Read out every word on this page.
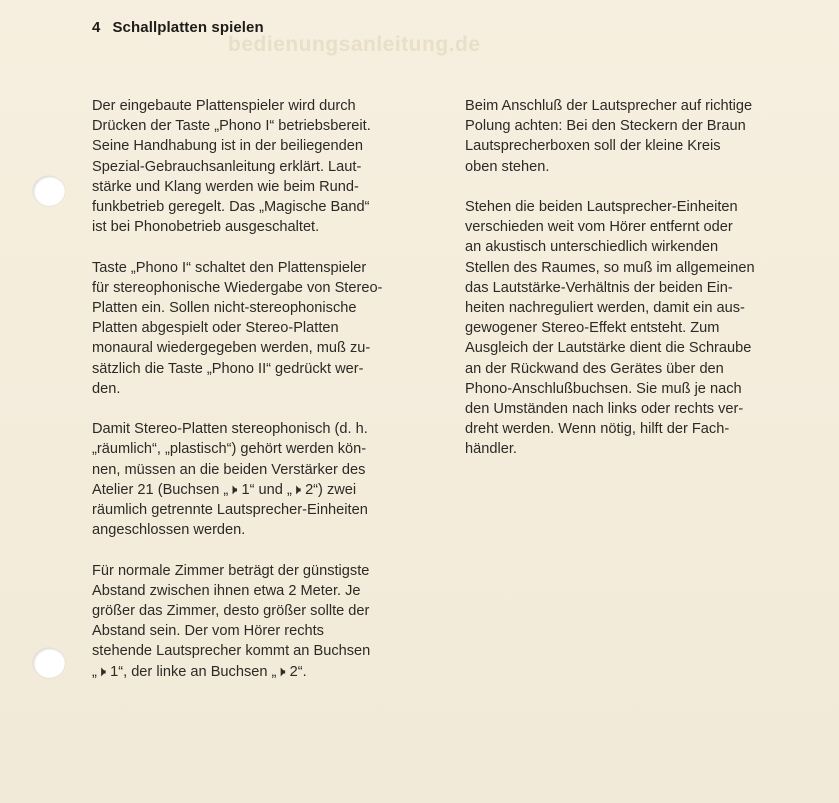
bedienungsanleitung.de
4 Schallplatten spielen

Der eingebaute Plattenspieler wird durch
Drücken der Taste „Phono I“ betriebsbereit.
Seine Handhabung ist in der beiliegenden
Spezial-Gebrauchsanleitung erklärt. Laut-
stärke und Klang werden wie beim Rund-
funkbetrieb geregelt. Das „Magische Band“
ist bei Phonobetrieb ausgeschaltet.

Taste „Phono I“ schaltet den Plattenspieler
für stereophonische Wiedergabe von Stereo-
Platten ein. Sollen nicht-stereophonische
Platten abgespielt oder Stereo-Platten
monaural wiedergegeben werden, muß zu-
sätzlich die Taste „Phono II“ gedrückt wer-
den.

Damit Stereo-Platten stereophonisch (d. h.
„räumlich“, „plastisch“) gehört werden kön-
nen, müssen an die beiden Verstärker des
Atelier 21 (Buchsen „🕨 1“ und „🕨 2“) zwei
räumlich getrennte Lautsprecher-Einheiten
angeschlossen werden.

Für normale Zimmer beträgt der günstigste
Abstand zwischen ihnen etwa 2 Meter. Je
größer das Zimmer, desto größer sollte der
Abstand sein. Der vom Hörer rechts
stehende Lautsprecher kommt an Buchsen
„🕨 1“, der linke an Buchsen „🕨 2“.

Beim Anschluß der Lautsprecher auf richtige
Polung achten: Bei den Steckern der Braun
Lautsprecherboxen soll der kleine Kreis
oben stehen.

Stehen die beiden Lautsprecher-Einheiten
verschieden weit vom Hörer entfernt oder
an akustisch unterschiedlich wirkenden
Stellen des Raumes, so muß im allgemeinen
das Lautstärke-Verhältnis der beiden Ein-
heiten nachreguliert werden, damit ein aus-
gewogener Stereo-Effekt entsteht. Zum
Ausgleich der Lautstärke dient die Schraube
an der Rückwand des Gerätes über den
Phono-Anschlußbuchsen. Sie muß je nach
den Umständen nach links oder rechts ver-
dreht werden. Wenn nötig, hilft der Fach-
händler.
